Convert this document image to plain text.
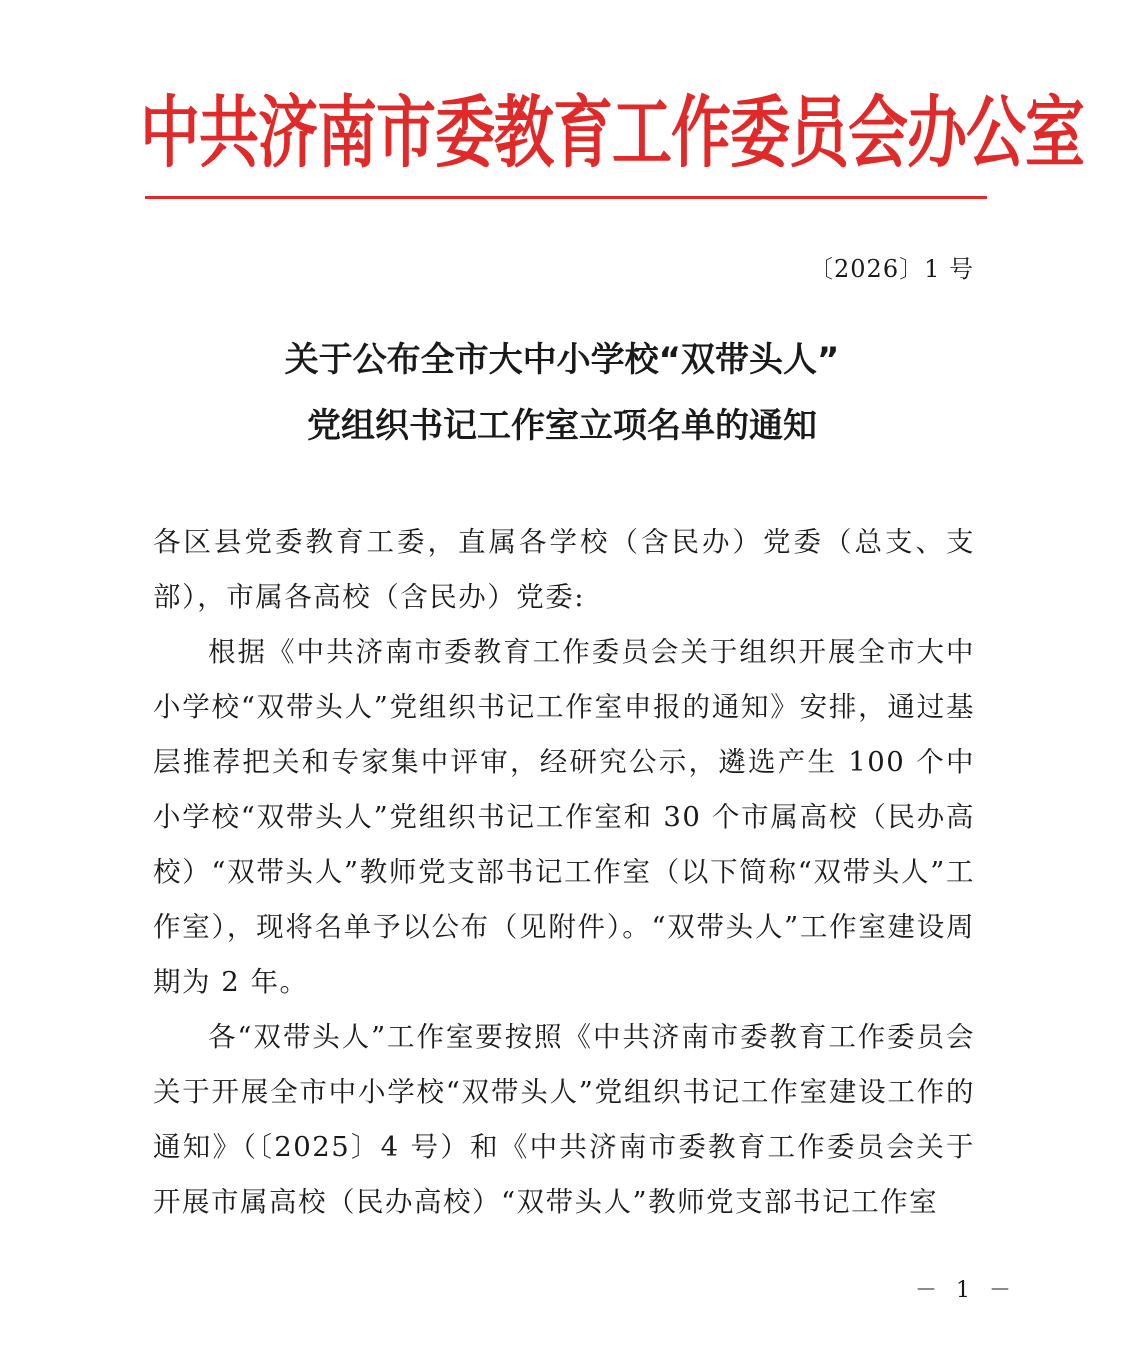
中共济南市委教育工作委员会办公室
〔2026〕1 号
关于公布全市大中小学校“双带头人”
党组织书记工作室立项名单的通知

各区县党委教育工委，直属各学校（含民办）党委（总支、支部），市属各高校（含民办）党委:

根据《中共济南市委教育工作委员会关于组织开展全市大中小学校“双带头人”党组织书记工作室申报的通知》安排，通过基层推荐把关和专家集中评审，经研究公示，遴选产生 100 个中小学校“双带头人”党组织书记工作室和 30 个市属高校（民办高校）“双带头人”教师党支部书记工作室（以下简称“双带头人”工作室），现将名单予以公布（见附件）。“双带头人”工作室建设周期为 2 年。

各“双带头人”工作室要按照《中共济南市委教育工作委员会关于开展全市中小学校“双带头人”党组织书记工作室建设工作的通知》（〔2025〕4 号）和《中共济南市委教育工作委员会关于开展市属高校（民办高校）“双带头人”教师党支部书记工作室

－ 1 －
